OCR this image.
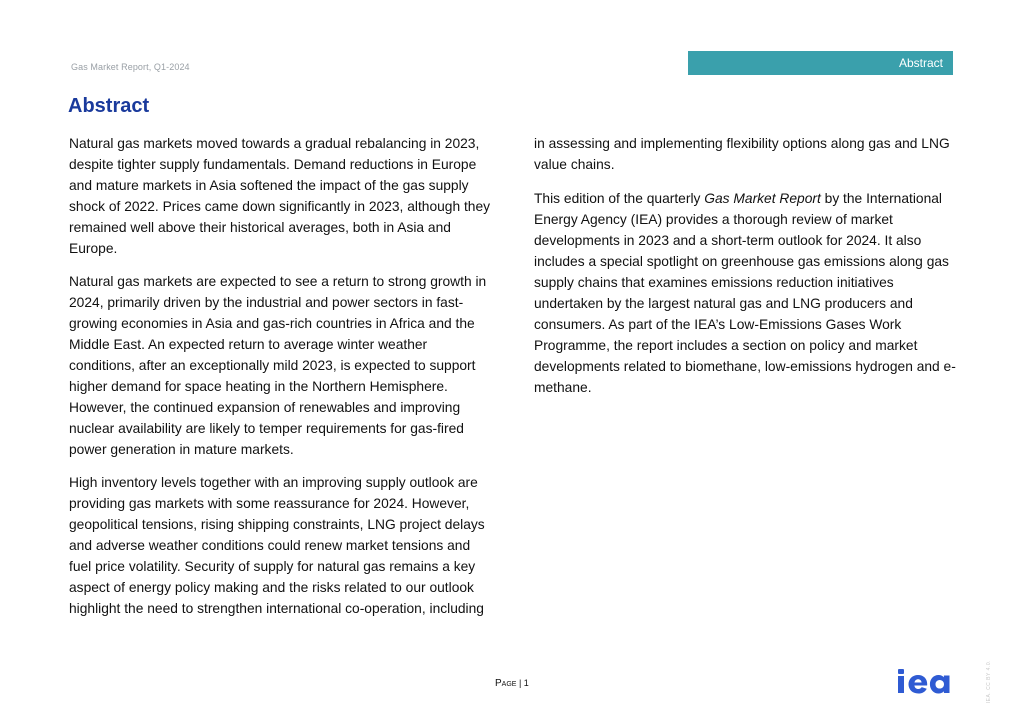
Gas Market Report, Q1-2024	Abstract
Abstract

Natural gas markets moved towards a gradual rebalancing in 2023, despite tighter supply fundamentals. Demand reductions in Europe and mature markets in Asia softened the impact of the gas supply shock of 2022. Prices came down significantly in 2023, although they remained well above their historical averages, both in Asia and Europe.

Natural gas markets are expected to see a return to strong growth in 2024, primarily driven by the industrial and power sectors in fast-growing economies in Asia and gas-rich countries in Africa and the Middle East. An expected return to average winter weather conditions, after an exceptionally mild 2023, is expected to support higher demand for space heating in the Northern Hemisphere. However, the continued expansion of renewables and improving nuclear availability are likely to temper requirements for gas-fired power generation in mature markets.

High inventory levels together with an improving supply outlook are providing gas markets with some reassurance for 2024. However, geopolitical tensions, rising shipping constraints, LNG project delays and adverse weather conditions could renew market tensions and fuel price volatility. Security of supply for natural gas remains a key aspect of energy policy making and the risks related to our outlook highlight the need to strengthen international co-operation, including

in assessing and implementing flexibility options along gas and LNG value chains.

This edition of the quarterly Gas Market Report by the International Energy Agency (IEA) provides a thorough review of market developments in 2023 and a short-term outlook for 2024. It also includes a special spotlight on greenhouse gas emissions along gas supply chains that examines emissions reduction initiatives undertaken by the largest natural gas and LNG producers and consumers. As part of the IEA’s Low-Emissions Gases Work Programme, the report includes a section on policy and market developments related to biomethane, low-emissions hydrogen and e-methane.

Page | 1	IEA. CC BY 4.0.
